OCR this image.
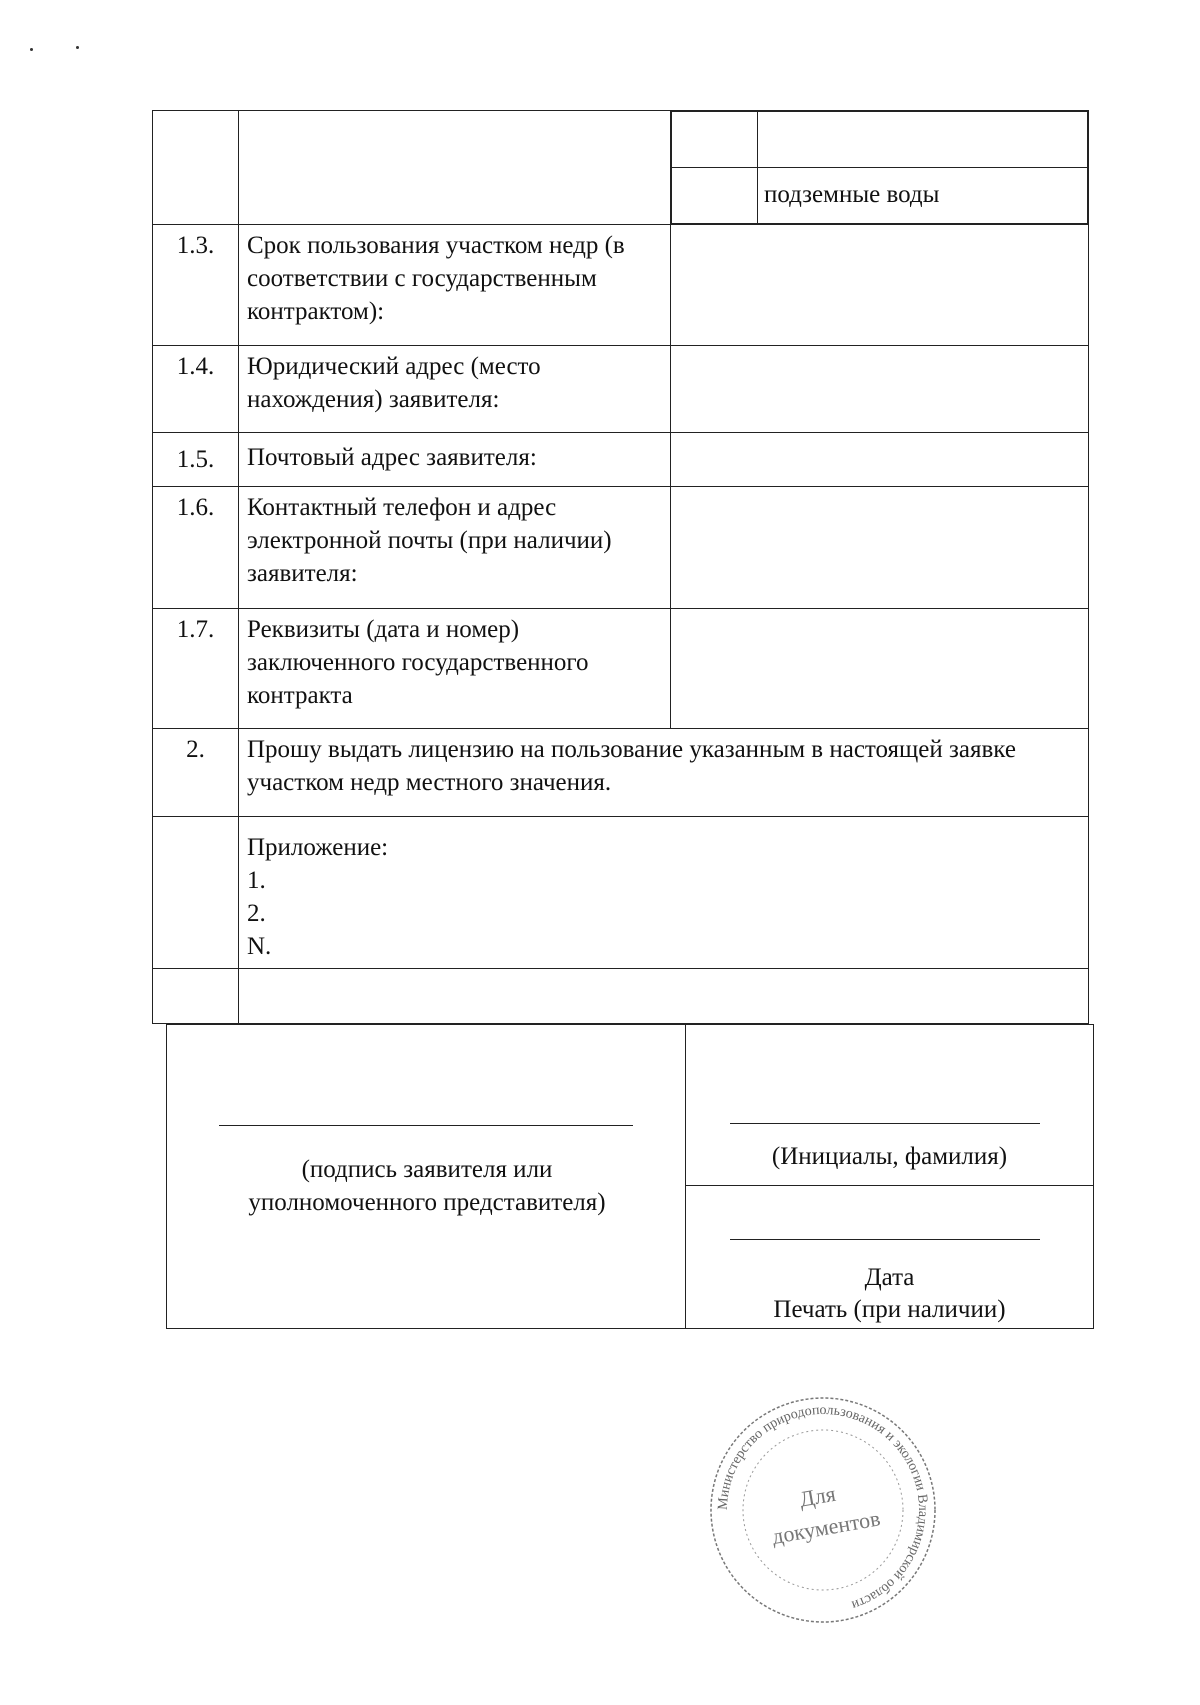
	подземные воды

1.3.	Срок пользования участком недр (в соответствии с государственным контрактом):	
1.4.	Юридический адрес (место нахождения) заявителя:	
1.5.	Почтовый адрес заявителя:	
1.6.	Контактный телефон и адрес электронной почты (при наличии) заявителя:	
1.7.	Реквизиты (дата и номер) заключенного государственного контракта	
2.	Прошу выдать лицензию на пользование указанным в настоящей заявке участком недр местного значения.

Приложение:
1.
2.
N.

(подпись заявителя или уполномоченного представителя)
(Инициалы, фамилия)
Дата
Печать (при наличии)
Министерство природопользования и экологии Владимирской области
Для
документов
